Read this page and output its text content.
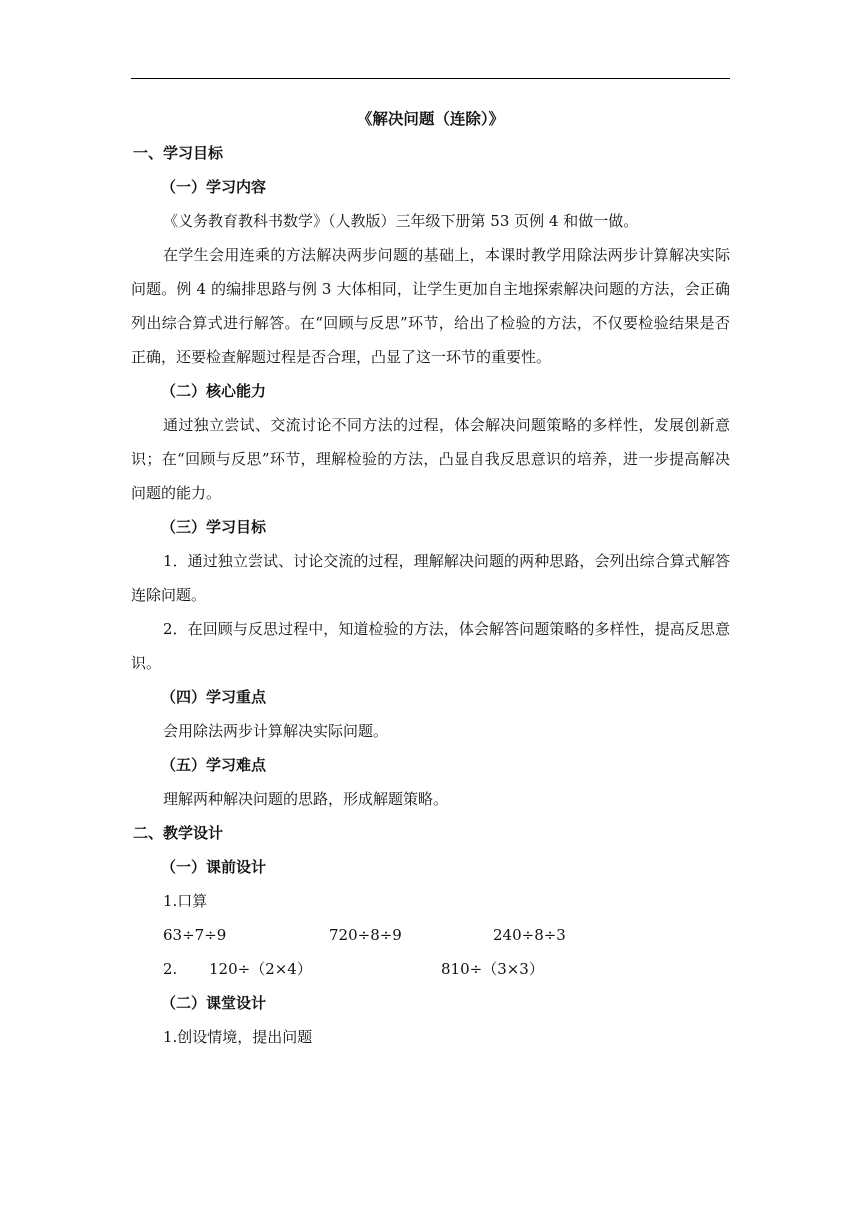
《解决问题（连除）》
一、学习目标
（一）学习内容
《义务教育教科书数学》（人教版）三年级下册第 53 页例 4 和做一做。
在学生会用连乘的方法解决两步问题的基础上，本课时教学用除法两步计算解决实际问题。例 4 的编排思路与例 3 大体相同，让学生更加自主地探索解决问题的方法，会正确列出综合算式进行解答。在“回顾与反思”环节，给出了检验的方法，不仅要检验结果是否正确，还要检查解题过程是否合理，凸显了这一环节的重要性。
（二）核心能力
通过独立尝试、交流讨论不同方法的过程，体会解决问题策略的多样性，发展创新意识；在“回顾与反思”环节，理解检验的方法，凸显自我反思意识的培养，进一步提高解决问题的能力。
（三）学习目标
1．通过独立尝试、讨论交流的过程，理解解决问题的两种思路，会列出综合算式解答连除问题。
2．在回顾与反思过程中，知道检验的方法，体会解答问题策略的多样性，提高反思意识。
（四）学习重点
会用除法两步计算解决实际问题。
（五）学习难点
理解两种解决问题的思路，形成解题策略。
二、教学设计
（一）课前设计
1.口算
63÷7÷9	720÷8÷9	240÷8÷3
2. 120÷（2×4）	810÷（3×3）
（二）课堂设计
1.创设情境，提出问题
